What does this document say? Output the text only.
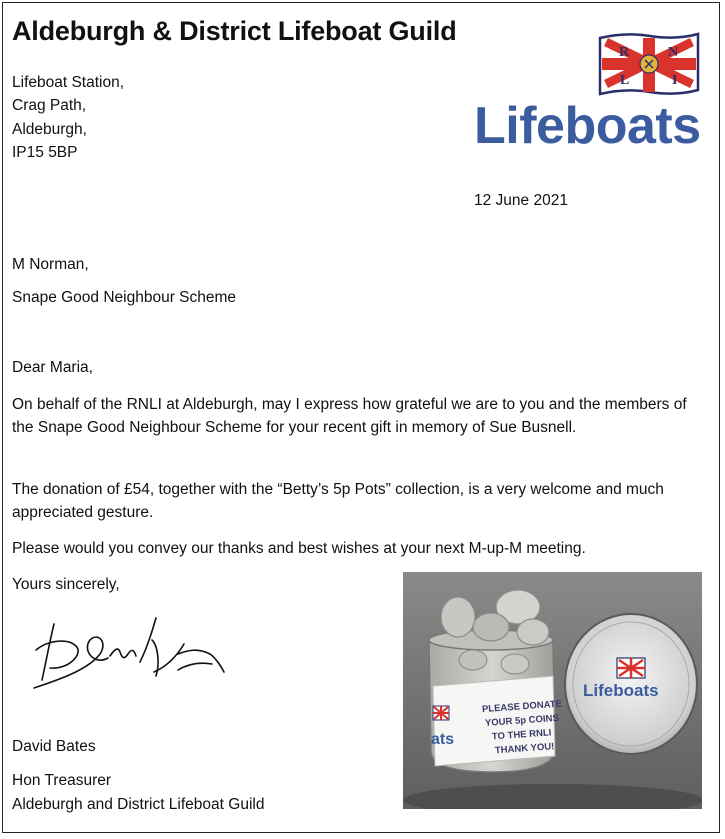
Aldeburgh & District Lifeboat Guild
Lifeboat Station,
Crag Path,
Aldeburgh,
IP15 5BP
R	N
L	I
Lifeboats
12 June 2021
M Norman,
Snape Good Neighbour Scheme
Dear Maria,
On behalf of the RNLI at Aldeburgh, may I express how grateful we are to you and the members of the Snape Good Neighbour Scheme for your recent gift in memory of Sue Busnell.
The donation of £54, together with the “Betty’s 5p Pots” collection, is a very welcome and much appreciated gesture.
Please would you convey our thanks and best wishes at your next M-up-M meeting.
Yours sincerely,
David Bates
Hon Treasurer
Aldeburgh and District Lifeboat Guild
Lifeboats
ats
PLEASE DONATE
YOUR 5p COINS
TO THE RNLI
THANK YOU!
